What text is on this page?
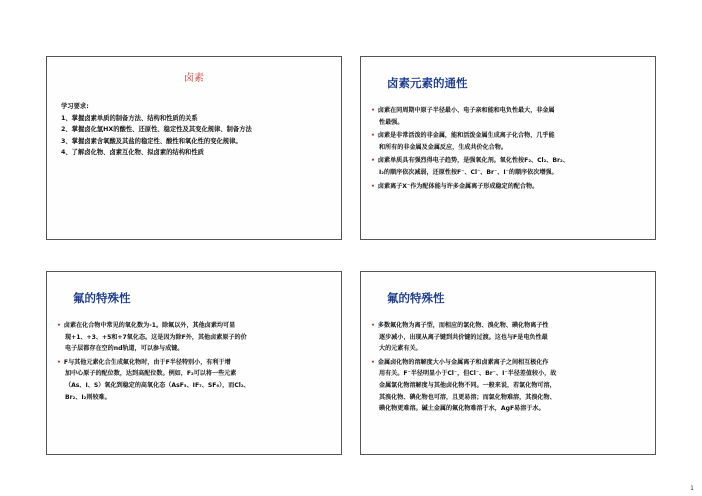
卤素
学习要求:
1、掌握卤素单质的制备方法、结构和性质的关系
2、掌握卤化氢HX的酸性、还原性、稳定性及其变化规律、制备方法
3、掌握卤素含氧酸及其盐的稳定性、酸性和氧化性的变化规律。
4、了解卤化物、卤素互化物、拟卤素的结构和性质
卤素元素的通性
• 卤素在同周期中原子半径最小、电子亲和能和电负性最大，非金属
性最强。
• 卤素是非常活泼的非金属，能和活泼金属生成离子化合物，几乎能
和所有的非金属及金属反应，生成共价化合物。
• 卤素单质具有强烈得电子趋势，是强氧化剂。氧化性按F₂、Cl₂、Br₂、
I₂的顺序依次减弱，还原性按F⁻、Cl⁻、Br⁻、I⁻的顺序依次增强。
• 卤素离子X⁻作为配体能与许多金属离子形成稳定的配合物。
氟的特殊性
• 卤素在化合物中常见的氧化数为-1。除氟以外，其他卤素均可显
现+1、+3、+5和+7氧化态。这是因为除F外，其他卤素原子的价
电子层都存在空的nd轨道，可以参与成键。
• F与其他元素化合生成氟化物时，由于F半径特别小，有利于增
加中心原子的配位数，达到高配位数。例如，F₂可以将一些元素
（As、I、S）氧化到稳定的高氧化态（AsF₅、IF₇、SF₆），而Cl₂、
Br₂、I₂则较难。
氟的特殊性
• 多数氟化物为离子型，而相应的氯化物、溴化物、碘化物离子性
逐步减小，出现从离子键到共价键的过渡。这也与F是电负性最
大的元素有关。
• 金属卤化物的溶解度大小与金属离子和卤素离子之间相互极化作
用有关。F⁻半径明显小于Cl⁻，但Cl⁻、Br⁻、I⁻半径差值较小，故
金属氯化物溶解度与其他卤化物不同。一般来说，若氯化物可溶，
其溴化物、碘化物也可溶，且更易溶；而氯化物难溶，其溴化物、
碘化物更难溶。碱土金属的氟化物难溶于水，AgF易溶于水。
1
